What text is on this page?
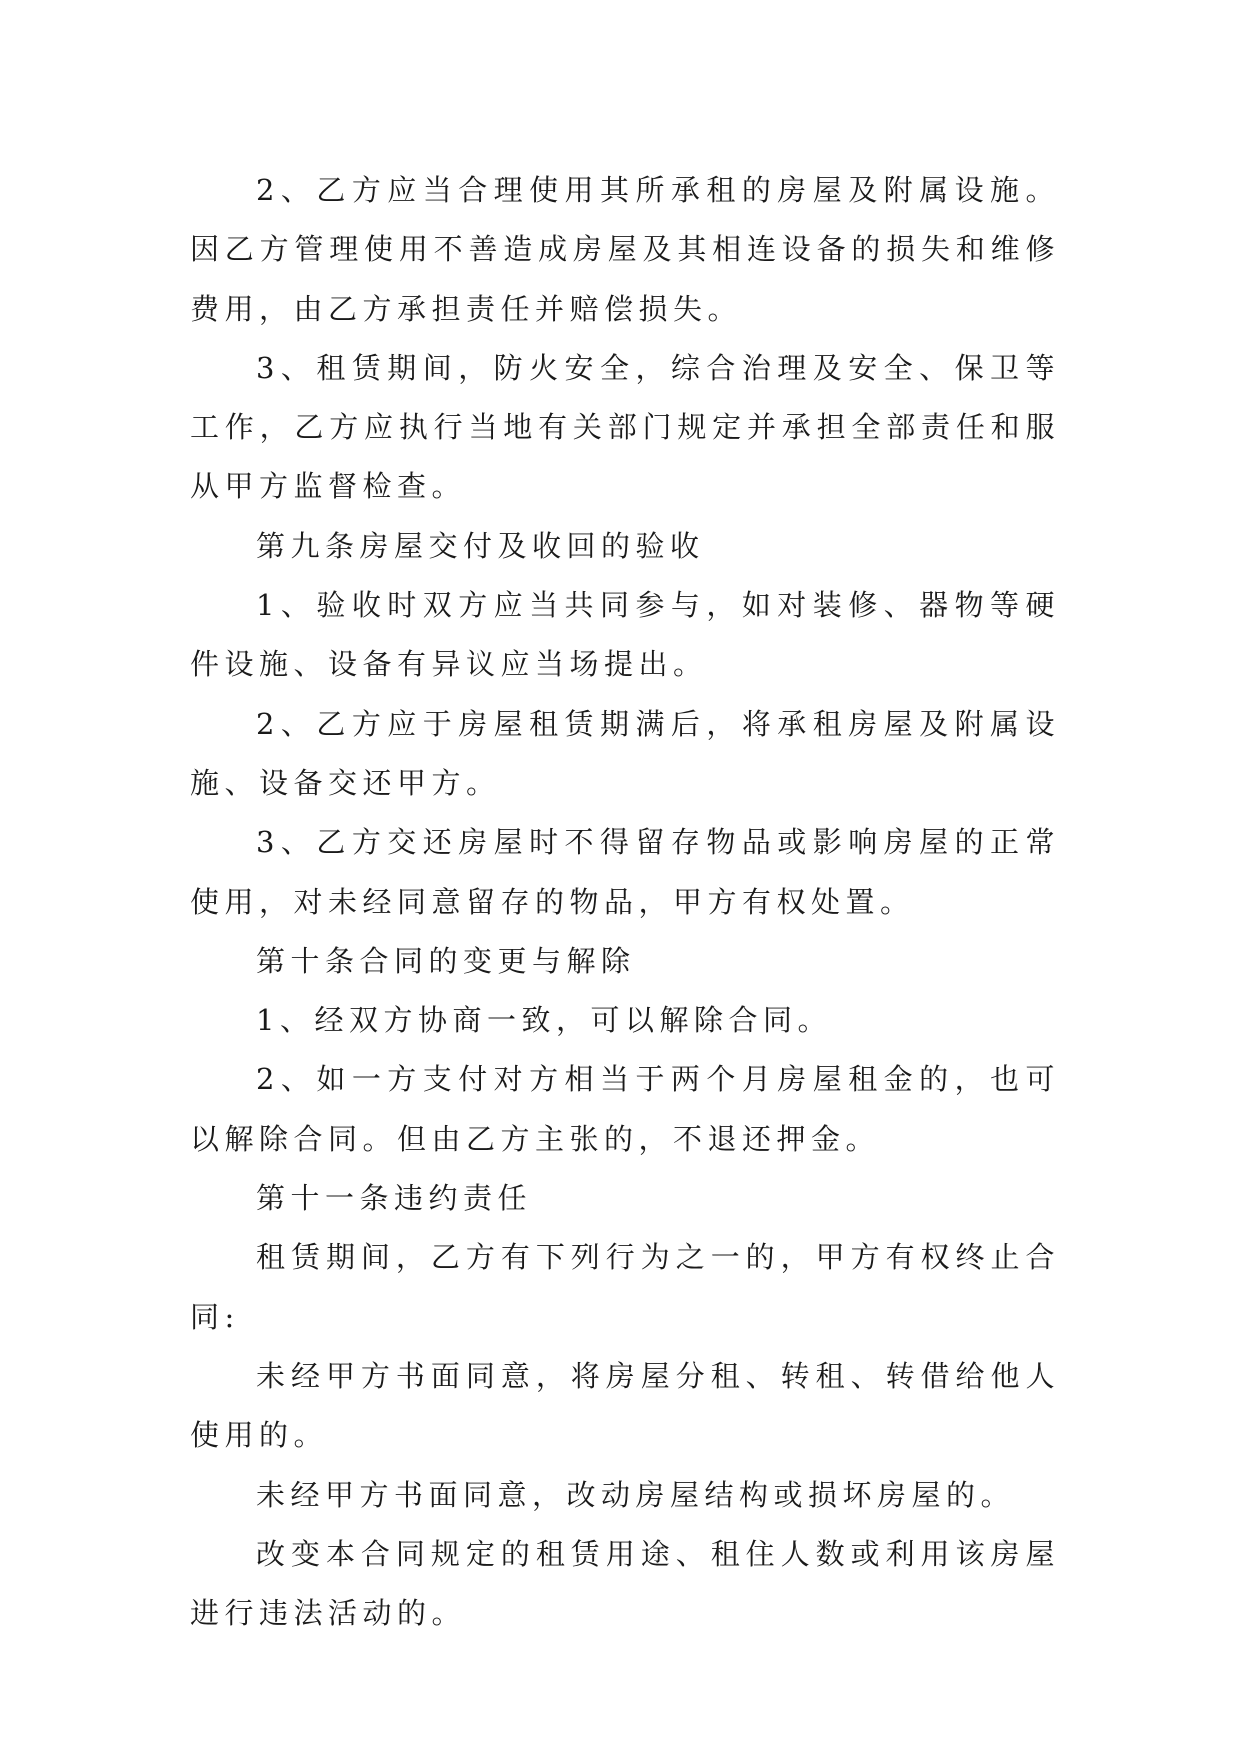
2、乙方应当合理使用其所承租的房屋及附属设施。因乙方管理使用不善造成房屋及其相连设备的损失和维修费用，由乙方承担责任并赔偿损失。

3、租赁期间，防火安全，综合治理及安全、保卫等工作，乙方应执行当地有关部门规定并承担全部责任和服从甲方监督检查。

第九条房屋交付及收回的验收

1、验收时双方应当共同参与，如对装修、器物等硬件设施、设备有异议应当场提出。

2、乙方应于房屋租赁期满后，将承租房屋及附属设施、设备交还甲方。

3、乙方交还房屋时不得留存物品或影响房屋的正常使用，对未经同意留存的物品，甲方有权处置。

第十条合同的变更与解除

1、经双方协商一致，可以解除合同。

2、如一方支付对方相当于两个月房屋租金的，也可以解除合同。但由乙方主张的，不退还押金。

第十一条违约责任

租赁期间，乙方有下列行为之一的，甲方有权终止合同:

未经甲方书面同意，将房屋分租、转租、转借给他人使用的。

未经甲方书面同意，改动房屋结构或损坏房屋的。

改变本合同规定的租赁用途、租住人数或利用该房屋进行违法活动的。
